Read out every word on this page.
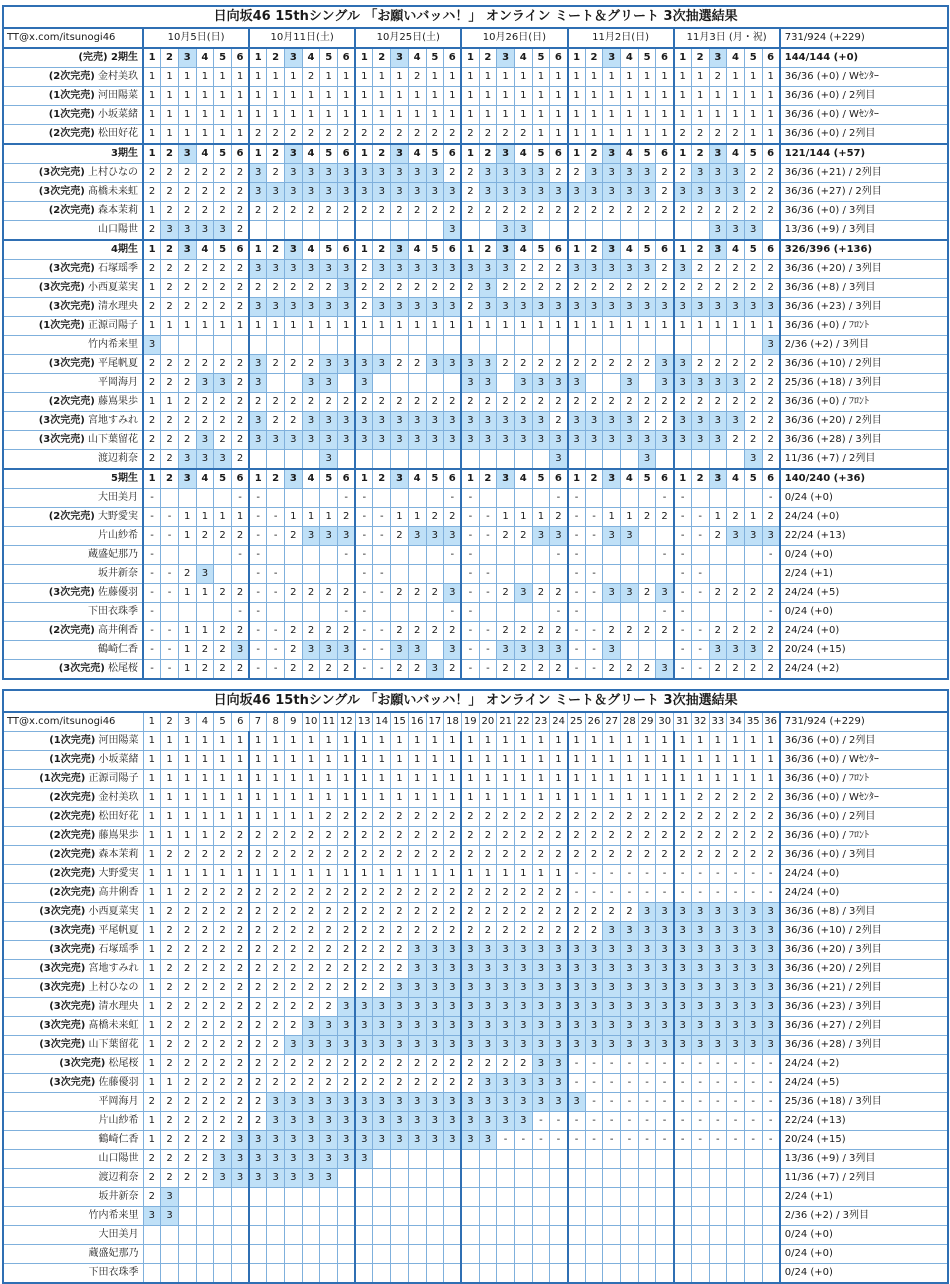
日向坂46 15thシングル 「お願いバッハ！」 オンライン ミート＆グリート 3次抽選結果																																					
TT@x.com/itsunogi46	10月5日(日)						10月11日(土)						10月25日(土)						10月26日(日)						11月2日(日)						11月3日 (月・祝)						731/924 (+229)
(完売) 2期生	1	2	3	4	5	6	1	2	3	4	5	6	1	2	3	4	5	6	1	2	3	4	5	6	1	2	3	4	5	6	1	2	3	4	5	6	144/144 (+0)
(2次完売) 金村美玖	1	1	1	1	1	1	1	1	1	2	1	1	1	1	1	2	1	1	1	1	1	1	1	1	1	1	1	1	1	1	1	1	2	1	1	1	36/36 (+0) / Wｾﾝﾀｰ
(1次完売) 河田陽菜	1	1	1	1	1	1	1	1	1	1	1	1	1	1	1	1	1	1	1	1	1	1	1	1	1	1	1	1	1	1	1	1	1	1	1	1	36/36 (+0) / 2列目
(1次完売) 小坂菜緒	1	1	1	1	1	1	1	1	1	1	1	1	1	1	1	1	1	1	1	1	1	1	1	1	1	1	1	1	1	1	1	1	1	1	1	1	36/36 (+0) / Wｾﾝﾀｰ
(2次完売) 松田好花	1	1	1	1	1	1	2	2	2	2	2	2	2	2	2	2	2	2	2	2	2	2	1	1	1	1	1	1	1	1	2	2	2	2	1	1	36/36 (+0) / 2列目
3期生	1	2	3	4	5	6	1	2	3	4	5	6	1	2	3	4	5	6	1	2	3	4	5	6	1	2	3	4	5	6	1	2	3	4	5	6	121/144 (+57)
(3次完売) 上村ひなの	2	2	2	2	2	2	3	2	3	3	3	3	3	3	3	3	3	2	2	3	3	3	3	2	2	3	3	3	3	2	2	3	3	3	2	2	36/36 (+21) / 2列目
(3次完売) 髙橋未来虹	2	2	2	2	2	2	3	3	3	3	3	3	3	3	3	3	3	3	2	3	3	3	3	3	3	3	3	3	3	2	3	3	3	3	2	2	36/36 (+27) / 2列目
(2次完売) 森本茉莉	1	2	2	2	2	2	2	2	2	2	2	2	2	2	2	2	2	2	2	2	2	2	2	2	2	2	2	2	2	2	2	2	2	2	2	2	36/36 (+0) / 3列目
山口陽世	2	3	3	3	3	2												3			3	3											3	3	3		13/36 (+9) / 3列目
4期生	1	2	3	4	5	6	1	2	3	4	5	6	1	2	3	4	5	6	1	2	3	4	5	6	1	2	3	4	5	6	1	2	3	4	5	6	326/396 (+136)
(3次完売) 石塚瑶季	2	2	2	2	2	2	3	3	3	3	3	3	2	3	3	3	3	3	3	3	3	2	2	2	3	3	3	3	3	2	3	2	2	2	2	2	36/36 (+20) / 3列目
(3次完売) 小西夏菜実	1	2	2	2	2	2	2	2	2	2	2	3	2	2	2	2	2	2	2	3	2	2	2	2	2	2	2	2	2	2	2	2	2	2	2	2	36/36 (+8) / 3列目
(3次完売) 清水理央	2	2	2	2	2	2	3	3	3	3	3	3	2	3	3	3	3	3	2	3	3	3	3	3	3	3	3	3	3	3	3	3	3	3	3	3	36/36 (+23) / 3列目
(1次完売) 正源司陽子	1	1	1	1	1	1	1	1	1	1	1	1	1	1	1	1	1	1	1	1	1	1	1	1	1	1	1	1	1	1	1	1	1	1	1	1	36/36 (+0) / ﾌﾛﾝﾄ
竹内希来里	3																																			3	2/36 (+2) / 3列目
(3次完売) 平尾帆夏	2	2	2	2	2	2	3	2	2	2	3	3	3	3	2	2	3	3	3	3	2	2	2	2	2	2	2	2	2	3	3	2	2	2	2	2	36/36 (+10) / 2列目
平岡海月	2	2	2	3	3	2	3			3	3		3						3	3		3	3	3	3			3		3	3	3	3	3	2	2	25/36 (+18) / 3列目
(2次完売) 藤嶌果歩	1	1	2	2	2	2	2	2	2	2	2	2	2	2	2	2	2	2	2	2	2	2	2	2	2	2	2	2	2	2	2	2	2	2	2	2	36/36 (+0) / ﾌﾛﾝﾄ
(3次完売) 宮地すみれ	2	2	2	2	2	2	3	2	2	3	3	3	3	3	3	3	3	3	3	3	3	3	3	2	3	3	3	3	2	2	3	3	3	3	2	2	36/36 (+20) / 2列目
(3次完売) 山下葉留花	2	2	2	3	2	2	3	3	3	3	3	3	3	3	3	3	3	3	3	3	3	3	3	3	3	3	3	3	3	3	3	3	3	2	2	2	36/36 (+28) / 3列目
渡辺莉奈	2	2	3	3	3	2					3													3					3						3	2	11/36 (+7) / 2列目
5期生	1	2	3	4	5	6	1	2	3	4	5	6	1	2	3	4	5	6	1	2	3	4	5	6	1	2	3	4	5	6	1	2	3	4	5	6	140/240 (+36)
大田美月	-					-	-					-	-					-	-					-	-					-	-					-	0/24 (+0)
(2次完売) 大野愛実	-	-	1	1	1	1	-	-	1	1	1	2	-	-	1	1	2	2	-	-	1	1	1	2	-	-	1	1	2	2	-	-	1	2	1	2	24/24 (+0)
片山紗希	-	-	1	2	2	2	-	-	2	3	3	3	-	-	2	3	3	3	-	-	2	2	3	3	-	-	3	3			-	-	2	3	3	3	22/24 (+13)
蔵盛妃那乃	-					-	-					-	-					-	-					-	-					-	-					-	0/24 (+0)
坂井新奈	-	-	2	3			-	-					-	-					-	-					-	-					-	-					2/24 (+1)
(3次完売) 佐藤優羽	-	-	1	1	2	2	-	-	2	2	2	2	-	-	2	2	2	3	-	-	2	3	2	2	-	-	3	3	2	3	-	-	2	2	2	2	24/24 (+5)
下田衣珠季	-					-	-					-	-					-	-					-	-					-	-					-	0/24 (+0)
(2次完売) 高井俐香	-	-	1	1	2	2	-	-	2	2	2	2	-	-	2	2	2	2	-	-	2	2	2	2	-	-	2	2	2	2	-	-	2	2	2	2	24/24 (+0)
鶴崎仁香	-	-	1	2	2	3	-	-	2	3	3	3	-	-	3	3		3	-	-	3	3	3	3	-	-	3				-	-	3	3	3	2	20/24 (+15)
(3次完売) 松尾桜	-	-	1	2	2	2	-	-	2	2	2	2	-	-	2	2	3	2	-	-	2	2	2	2	-	-	2	2	2	3	-	-	2	2	2	2	24/24 (+2)
日向坂46 15thシングル 「お願いバッハ！」 オンライン ミート＆グリート 3次抽選結果																																					
TT@x.com/itsunogi46	1	2	3	4	5	6	7	8	9	10	11	12	13	14	15	16	17	18	19	20	21	22	23	24	25	26	27	28	29	30	31	32	33	34	35	36	731/924 (+229)
(1次完売) 河田陽菜	1	1	1	1	1	1	1	1	1	1	1	1	1	1	1	1	1	1	1	1	1	1	1	1	1	1	1	1	1	1	1	1	1	1	1	1	36/36 (+0) / 2列目
(1次完売) 小坂菜緒	1	1	1	1	1	1	1	1	1	1	1	1	1	1	1	1	1	1	1	1	1	1	1	1	1	1	1	1	1	1	1	1	1	1	1	1	36/36 (+0) / Wｾﾝﾀｰ
(1次完売) 正源司陽子	1	1	1	1	1	1	1	1	1	1	1	1	1	1	1	1	1	1	1	1	1	1	1	1	1	1	1	1	1	1	1	1	1	1	1	1	36/36 (+0) / ﾌﾛﾝﾄ
(2次完売) 金村美玖	1	1	1	1	1	1	1	1	1	1	1	1	1	1	1	1	1	1	1	1	1	1	1	1	1	1	1	1	1	1	1	2	2	2	2	2	36/36 (+0) / Wｾﾝﾀｰ
(2次完売) 松田好花	1	1	1	1	1	1	1	1	1	1	2	2	2	2	2	2	2	2	2	2	2	2	2	2	2	2	2	2	2	2	2	2	2	2	2	2	36/36 (+0) / 2列目
(2次完売) 藤嶌果歩	1	1	1	1	2	2	2	2	2	2	2	2	2	2	2	2	2	2	2	2	2	2	2	2	2	2	2	2	2	2	2	2	2	2	2	2	36/36 (+0) / ﾌﾛﾝﾄ
(2次完売) 森本茉莉	1	2	2	2	2	2	2	2	2	2	2	2	2	2	2	2	2	2	2	2	2	2	2	2	2	2	2	2	2	2	2	2	2	2	2	2	36/36 (+0) / 3列目
(2次完売) 大野愛実	1	1	1	1	1	1	1	1	1	1	1	1	1	1	1	1	1	1	1	1	1	1	1	1	-	-	-	-	-	-	-	-	-	-	-	-	24/24 (+0)
(2次完売) 高井俐香	1	1	2	2	2	2	2	2	2	2	2	2	2	2	2	2	2	2	2	2	2	2	2	2	-	-	-	-	-	-	-	-	-	-	-	-	24/24 (+0)
(3次完売) 小西夏菜実	1	2	2	2	2	2	2	2	2	2	2	2	2	2	2	2	2	2	2	2	2	2	2	2	2	2	2	2	3	3	3	3	3	3	3	3	36/36 (+8) / 3列目
(3次完売) 平尾帆夏	1	2	2	2	2	2	2	2	2	2	2	2	2	2	2	2	2	2	2	2	2	2	2	2	2	2	3	3	3	3	3	3	3	3	3	3	36/36 (+10) / 2列目
(3次完売) 石塚瑶季	1	2	2	2	2	2	2	2	2	2	2	2	2	2	2	3	3	3	3	3	3	3	3	3	3	3	3	3	3	3	3	3	3	3	3	3	36/36 (+20) / 3列目
(3次完売) 宮地すみれ	1	2	2	2	2	2	2	2	2	2	2	2	2	2	2	3	3	3	3	3	3	3	3	3	3	3	3	3	3	3	3	3	3	3	3	3	36/36 (+20) / 2列目
(3次完売) 上村ひなの	1	2	2	2	2	2	2	2	2	2	2	2	2	2	3	3	3	3	3	3	3	3	3	3	3	3	3	3	3	3	3	3	3	3	3	3	36/36 (+21) / 2列目
(3次完売) 清水理央	1	2	2	2	2	2	2	2	2	2	2	3	3	3	3	3	3	3	3	3	3	3	3	3	3	3	3	3	3	3	3	3	3	3	3	3	36/36 (+23) / 3列目
(3次完売) 髙橋未来虹	1	2	2	2	2	2	2	2	2	3	3	3	3	3	3	3	3	3	3	3	3	3	3	3	3	3	3	3	3	3	3	3	3	3	3	3	36/36 (+27) / 2列目
(3次完売) 山下葉留花	1	2	2	2	2	2	2	2	3	3	3	3	3	3	3	3	3	3	3	3	3	3	3	3	3	3	3	3	3	3	3	3	3	3	3	3	36/36 (+28) / 3列目
(3次完売) 松尾桜	1	2	2	2	2	2	2	2	2	2	2	2	2	2	2	2	2	2	2	2	2	2	3	3	-	-	-	-	-	-	-	-	-	-	-	-	24/24 (+2)
(3次完売) 佐藤優羽	1	1	2	2	2	2	2	2	2	2	2	2	2	2	2	2	2	2	2	3	3	3	3	3	-	-	-	-	-	-	-	-	-	-	-	-	24/24 (+5)
平岡海月	2	2	2	2	2	2	2	3	3	3	3	3	3	3	3	3	3	3	3	3	3	3	3	3	3	-	-	-	-	-	-	-	-	-	-	-	25/36 (+18) / 3列目
片山紗希	1	2	2	2	2	2	2	3	3	3	3	3	3	3	3	3	3	3	3	3	3	3	-	-	-	-	-	-	-	-	-	-	-	-	-	-	22/24 (+13)
鶴崎仁香	1	2	2	2	2	3	3	3	3	3	3	3	3	3	3	3	3	3	3	3	-	-	-	-	-	-	-	-	-	-	-	-	-	-	-	-	20/24 (+15)
山口陽世	2	2	2	2	3	3	3	3	3	3	3	3	3																								13/36 (+9) / 3列目
渡辺莉奈	2	2	2	2	3	3	3	3	3	3	3																										11/36 (+7) / 2列目
坂井新奈	2	3																																			2/24 (+1)
竹内希来里	3	3																																			2/36 (+2) / 3列目
大田美月																																					0/24 (+0)
蔵盛妃那乃																																					0/24 (+0)
下田衣珠季																																					0/24 (+0)
